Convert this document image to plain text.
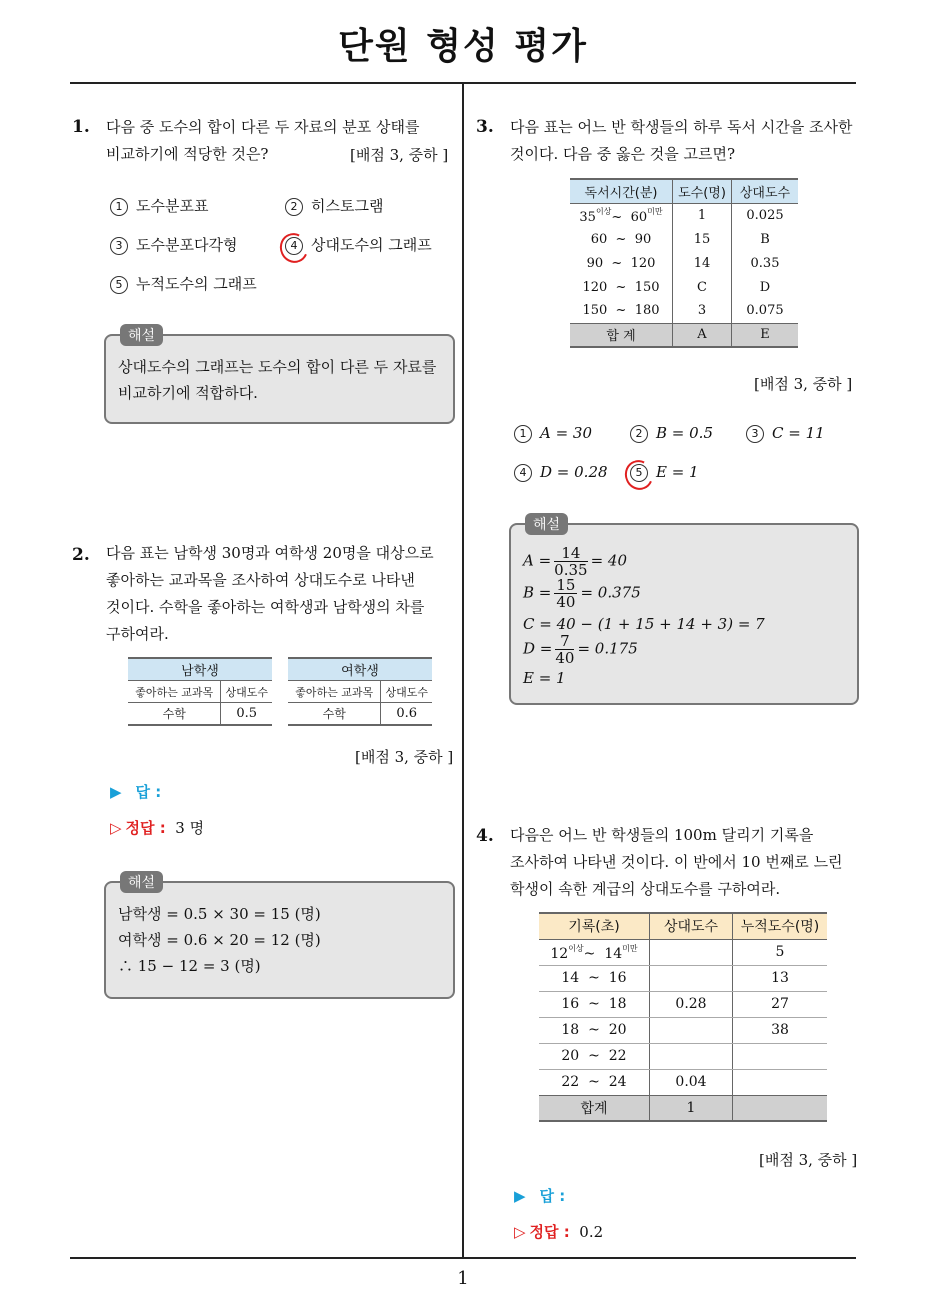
단원 형성 평가
1
1. 다음 중 도수의 합이 다른 두 자료의 분포 상태를
비교하기에 적당한 것은?	[배점 3, 중하 ]
1 도수분포표	2 히스토그램
3 도수분포다각형	4 상대도수의 그래프
5 누적도수의 그래프
해설
상대도수의 그래프는 도수의 합이 다른 두 자료를
비교하기에 적합하다.
2. 다음 표는 남학생 30명과 여학생 20명을 대상으로
좋아하는 교과목을 조사하여 상대도수로 나타낸
것이다. 수학을 좋아하는 여학생과 남학생의 차를
구하여라.
남학생	
좋아하는 교과목	상대도수
수학	0.5
여학생	
좋아하는 교과목	상대도수
수학	0.6
[배점 3, 중하 ]
▶ 답 :
▷ 정답 : 3 명
해설
남학생 = 0.5 × 30 = 15 (명)
여학생 = 0.6 × 20 = 12 (명)
∴ 15 − 12 = 3 (명)
3. 다음 표는 어느 반 학생들의 하루 독서 시간을 조사한
것이다. 다음 중 옳은 것을 고르면?
독서시간(분)	도수(명)	상대도수
$35^{이상}\sim$ $60^{미만}$	1	0.025
60 ~ 90	15	B
90 ~ 120	14	0.35
120 ~ 150	C	D
150 ~ 180	3	0.075
합 계	A	E
[배점 3, 중하 ]
1 A = 30	2 B = 0.5	3 C = 11
4 D = 0.28	5 E = 1
해설
$A = \frac{14}{0.35} = 40$
$B = \frac{15}{40} = 0.375$
C = 40 − (1 + 15 + 14 + 3) = 7
$D = \frac{7}{40} = 0.175$
E = 1
4. 다음은 어느 반 학생들의 100m 달리기 기록을
조사하여 나타낸 것이다. 이 반에서 10 번째로 느린
학생이 속한 계급의 상대도수를 구하여라.
기록(초)	상대도수	누적도수(명)
$12^{이상}\sim$ $14^{미만}$		5
14 ~ 16		13
16 ~ 18	0.28	27
18 ~ 20		38
20 ~ 22		
22 ~ 24	0.04	
합계	1	
[배점 3, 중하 ]
▶ 답 :
▷ 정답 : 0.2
